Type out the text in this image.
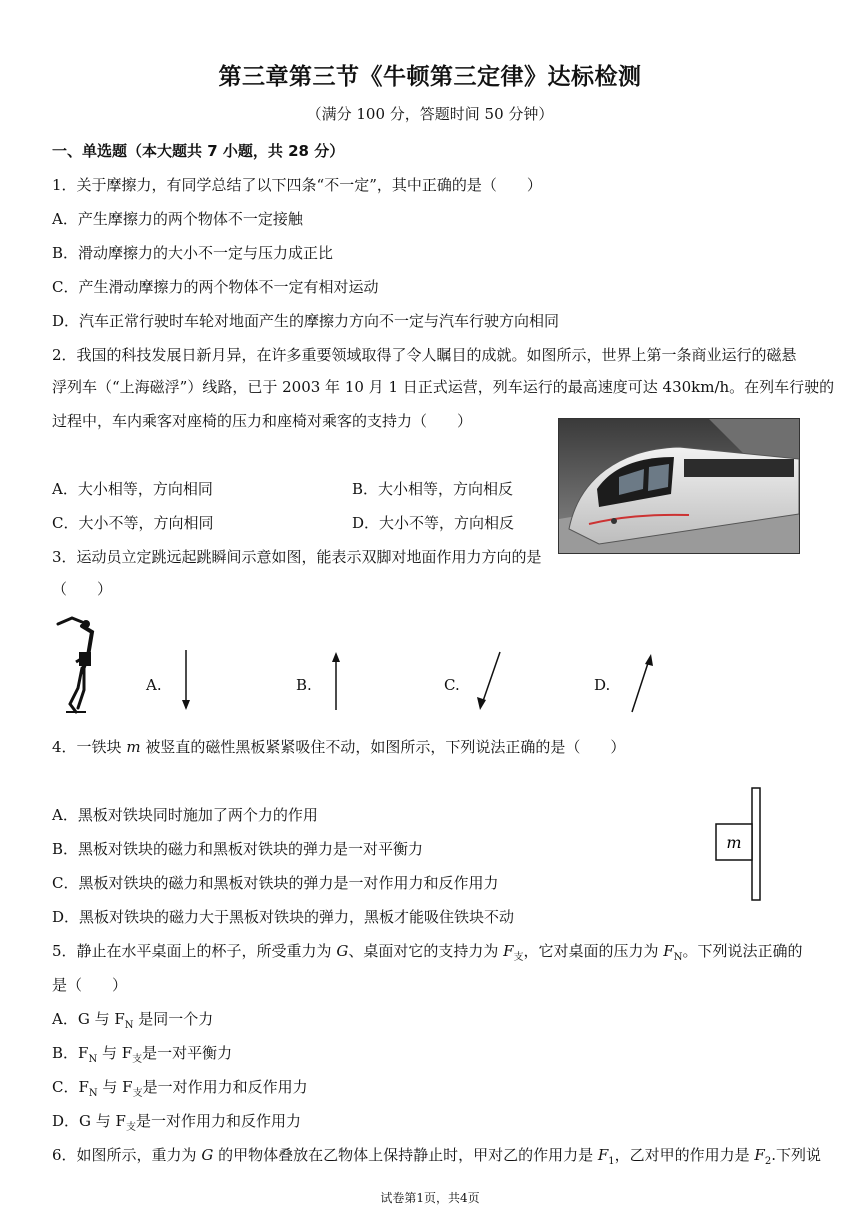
第三章第三节《牛顿第三定律》达标检测
（满分 100 分，答题时间 50 分钟）
一、单选题（本大题共 7 小题，共 28 分）
1．关于摩擦力，有同学总结了以下四条“不一定”，其中正确的是（　　）
A．产生摩擦力的两个物体不一定接触
B．滑动摩擦力的大小不一定与压力成正比
C．产生滑动摩擦力的两个物体不一定有相对运动
D．汽车正常行驶时车轮对地面产生的摩擦力方向不一定与汽车行驶方向相同
2．我国的科技发展日新月异，在许多重要领域取得了令人瞩目的成就。如图所示，世界上第一条商业运行的磁悬
浮列车（“上海磁浮”）线路，已于 2003 年 10 月 1 日正式运营，列车运行的最高速度可达 430km/h。在列车行驶的
过程中，车内乘客对座椅的压力和座椅对乘客的支持力（　　）
A．大小相等，方向相同	B．大小相等，方向相反
C．大小不等，方向相同	D．大小不等，方向相反
3．运动员立定跳远起跳瞬间示意如图，能表示双脚对地面作用力方向的是
（　　）
A.	B.	C.	D.
4．一铁块 m 被竖直的磁性黑板紧紧吸住不动，如图所示，下列说法正确的是（　　）
A．黑板对铁块同时施加了两个力的作用
B．黑板对铁块的磁力和黑板对铁块的弹力是一对平衡力
C．黑板对铁块的磁力和黑板对铁块的弹力是一对作用力和反作用力
D．黑板对铁块的磁力大于黑板对铁块的弹力，黑板才能吸住铁块不动
m
5．静止在水平桌面上的杯子，所受重力为 G、桌面对它的支持力为 $F_支$，它对桌面的压力为 $F_N$。下列说法正确的
是（　　）
A．G 与 $F_N$ 是同一个力
B．$F_N$ 与 $F_支$是一对平衡力
C．$F_N$ 与 $F_支$是一对作用力和反作用力
D．G 与 $F_支$是一对作用力和反作用力
6．如图所示，重力为 G 的甲物体叠放在乙物体上保持静止时，甲对乙的作用力是 $F_1$，乙对甲的作用力是 $F_2$.下列说
试卷第1页，共4页
